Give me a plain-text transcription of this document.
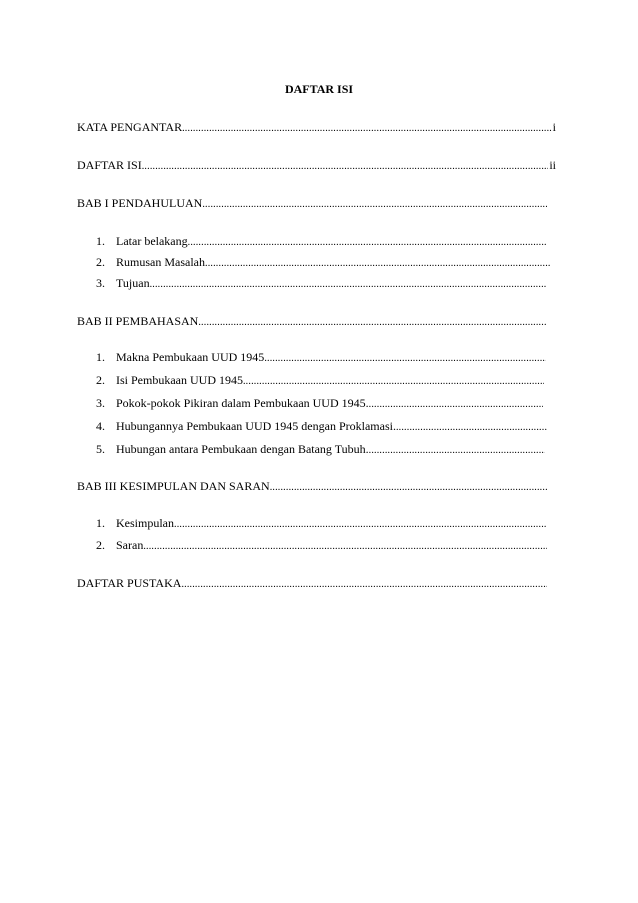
DAFTAR ISI
KATA PENGANTAR .....	i
DAFTAR ISI .....	ii
BAB I PENDAHULUAN
.....
1. Latar belakang
.....
2. Rumusan Masalah
.....
3. Tujuan
.....
BAB II PEMBAHASAN
.....
1. Makna Pembukaan UUD 1945
.....
2. Isi Pembukaan UUD 1945
.....
3. Pokok-pokok Pikiran dalam Pembukaan UUD 1945.
.....
4. Hubungannya Pembukaan UUD 1945 dengan Proklamasi.
.....
5. Hubungan antara Pembukaan dengan Batang Tubuh.
.....
BAB III KESIMPULAN DAN SARAN
.....
1. Kesimpulan
.....
2. Saran
.....
DAFTAR PUSTAKA
.....
